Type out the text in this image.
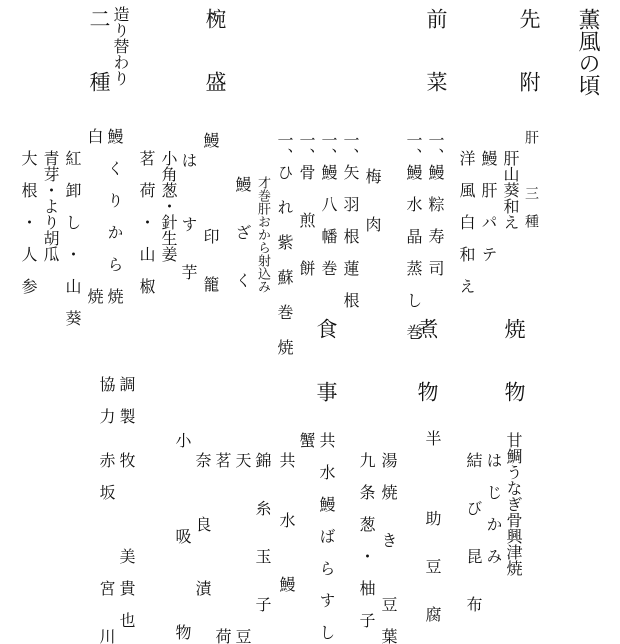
薫風の頃
先　　附
前　　菜
椀　　盛
造り替わり
二　　種
肝　　　三　種
肝山葵和え
鰻　肝　パ　テ
洋　風　白　和　え
一、鰻　粽　寿　司
一、鰻　水　晶　蒸　し　巻
梅　　肉
一、矢　羽　根　蓮　根
一、鰻　八　幡　巻
一、骨　　煎　　餅
一、ひ れ 紫 蘇 巻 焼
才巻肝おから射込み
鰻　　ざ　　く
鰻　　　　　印　　籠
は　　　す　　芋
小角葱・針生姜
茗　荷　・　山　椒
鰻　く　り　か　ら　焼
白　　　　　　　　　焼
紅　卸　し　・　山　葵
青芽・より胡瓜
大　根　・　人　参
焼　　物
煮　　物
食　　事
甘鯛うなぎ骨興津焼
は　じ　か　み
結　　び　　昆　　布
半　　　　助　　豆　　腐
湯　焼　　き　　　豆　葉
九　条　葱　・　柚　子
共　水　鰻　ば　ら　す　し
蟹　　　　　　　　　　　　
共
水　　　鰻
錦　　糸　　玉　　子
天　　　　　　　　　　豆
茗　　　　　　　　　　荷
奈　　　良　　　漬
小　　　　　吸　　　　　物
調　製
協　力
牧　　　　　美　貴　也
赤　坂　　　　　宮　　川
